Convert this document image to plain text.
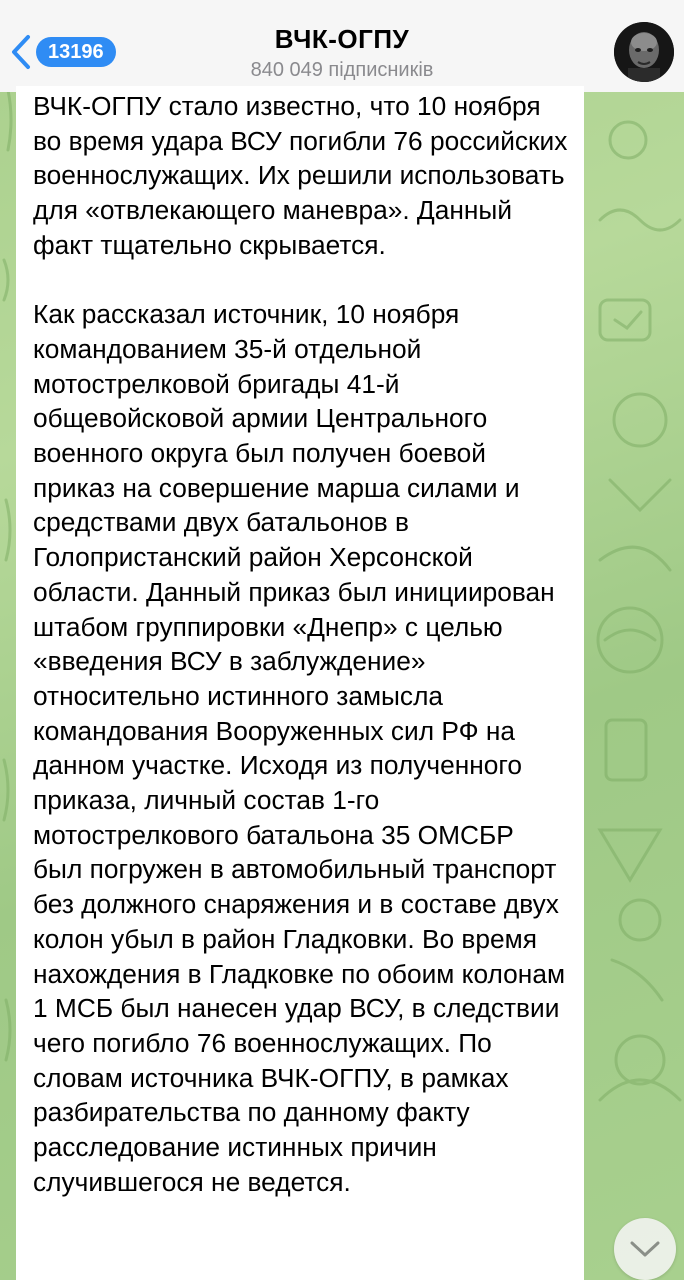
13196	ВЧК-ОГПУ
840 049 підписників

ВЧК-ОГПУ стало известно, что 10 ноября во время удара ВСУ погибли 76 российских военнослужащих. Их решили использовать для «отвлекающего маневра». Данный факт тщательно скрывается.

Как рассказал источник, 10 ноября командованием 35-й отдельной мотострелковой бригады 41-й общевойсковой армии Центрального военного округа был получен боевой приказ на совершение марша силами и средствами двух батальонов в Голопристанский район Херсонской области. Данный приказ был инициирован штабом группировки «Днепр» с целью «введения ВСУ в заблуждение» относительно истинного замысла командования Вооруженных сил РФ на данном участке. Исходя из полученного приказа, личный состав 1-го мотострелкового батальона 35 ОМСБР был погружен в автомобильный транспорт без должного снаряжения и в составе двух колон убыл в район Гладковки. Во время нахождения в Гладковке по обоим колонам 1 МСБ был нанесен удар ВСУ, в следствии чего погибло 76 военнослужащих. По словам источника ВЧК-ОГПУ, в рамках разбирательства по данному факту расследование истинных причин случившегося не ведется.
